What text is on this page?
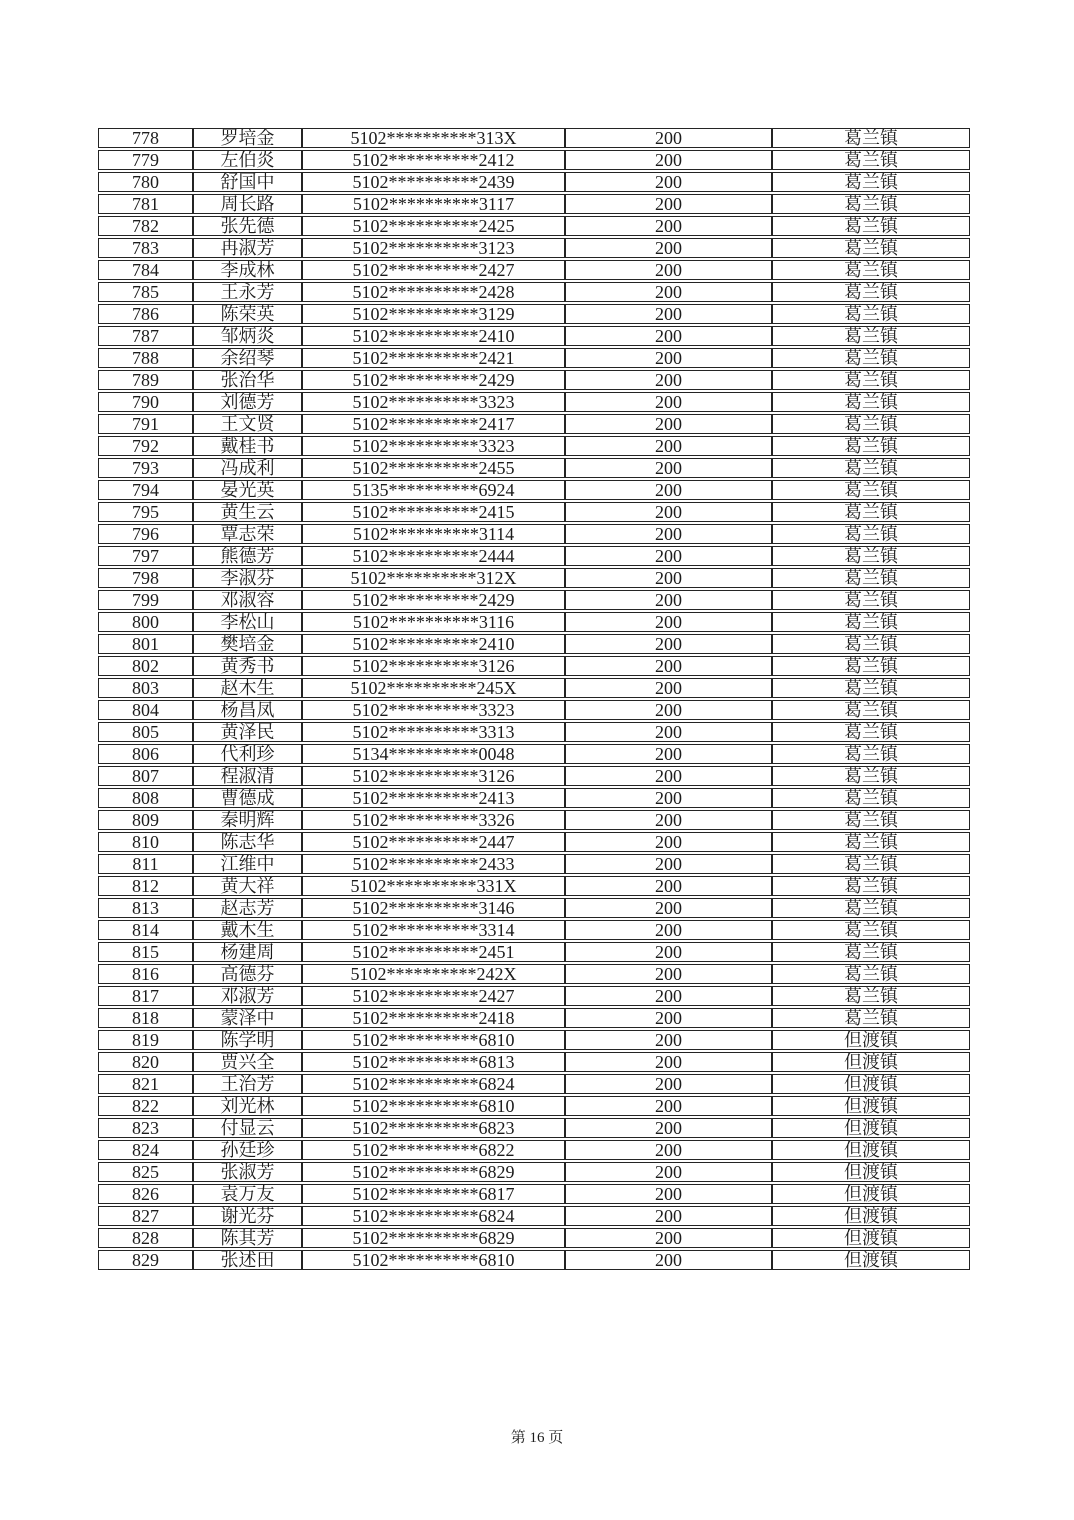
778	罗培金	5102**********313X	200	葛兰镇
779	左伯炎	5102**********2412	200	葛兰镇
780	舒国中	5102**********2439	200	葛兰镇
781	周长路	5102**********3117	200	葛兰镇
782	张先德	5102**********2425	200	葛兰镇
783	冉淑芳	5102**********3123	200	葛兰镇
784	李成林	5102**********2427	200	葛兰镇
785	王永芳	5102**********2428	200	葛兰镇
786	陈荣英	5102**********3129	200	葛兰镇
787	邹炳炎	5102**********2410	200	葛兰镇
788	余绍琴	5102**********2421	200	葛兰镇
789	张治华	5102**********2429	200	葛兰镇
790	刘德芳	5102**********3323	200	葛兰镇
791	王文贤	5102**********2417	200	葛兰镇
792	戴桂书	5102**********3323	200	葛兰镇
793	冯成利	5102**********2455	200	葛兰镇
794	晏光英	5135**********6924	200	葛兰镇
795	黄生云	5102**********2415	200	葛兰镇
796	覃志荣	5102**********3114	200	葛兰镇
797	熊德芳	5102**********2444	200	葛兰镇
798	李淑芬	5102**********312X	200	葛兰镇
799	邓淑容	5102**********2429	200	葛兰镇
800	李松山	5102**********3116	200	葛兰镇
801	樊培金	5102**********2410	200	葛兰镇
802	黄秀书	5102**********3126	200	葛兰镇
803	赵木生	5102**********245X	200	葛兰镇
804	杨昌凤	5102**********3323	200	葛兰镇
805	黄泽民	5102**********3313	200	葛兰镇
806	代利珍	5134**********0048	200	葛兰镇
807	程淑清	5102**********3126	200	葛兰镇
808	曹德成	5102**********2413	200	葛兰镇
809	秦明辉	5102**********3326	200	葛兰镇
810	陈志华	5102**********2447	200	葛兰镇
811	江维中	5102**********2433	200	葛兰镇
812	黄大祥	5102**********331X	200	葛兰镇
813	赵志芳	5102**********3146	200	葛兰镇
814	戴木生	5102**********3314	200	葛兰镇
815	杨建周	5102**********2451	200	葛兰镇
816	高德芬	5102**********242X	200	葛兰镇
817	邓淑芳	5102**********2427	200	葛兰镇
818	蒙泽中	5102**********2418	200	葛兰镇
819	陈学明	5102**********6810	200	但渡镇
820	贾兴全	5102**********6813	200	但渡镇
821	王治芳	5102**********6824	200	但渡镇
822	刘光林	5102**********6810	200	但渡镇
823	付显云	5102**********6823	200	但渡镇
824	孙廷珍	5102**********6822	200	但渡镇
825	张淑芳	5102**********6829	200	但渡镇
826	袁万友	5102**********6817	200	但渡镇
827	谢光芬	5102**********6824	200	但渡镇
828	陈其芳	5102**********6829	200	但渡镇
829	张述田	5102**********6810	200	但渡镇
第 16 页
